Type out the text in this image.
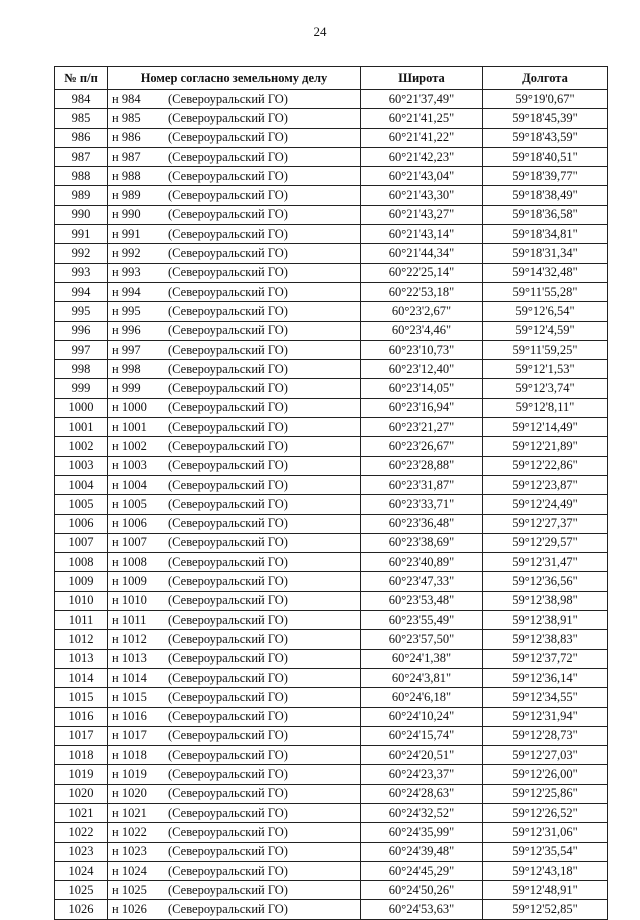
24
№ п/п	Номер согласно земельному делу	Широта	Долгота
984	н 984 (Североуральский ГО)	60°21'37,49"	59°19'0,67"
985	н 985 (Североуральский ГО)	60°21'41,25"	59°18'45,39"
986	н 986 (Североуральский ГО)	60°21'41,22"	59°18'43,59"
987	н 987 (Североуральский ГО)	60°21'42,23"	59°18'40,51"
988	н 988 (Североуральский ГО)	60°21'43,04"	59°18'39,77"
989	н 989 (Североуральский ГО)	60°21'43,30"	59°18'38,49"
990	н 990 (Североуральский ГО)	60°21'43,27"	59°18'36,58"
991	н 991 (Североуральский ГО)	60°21'43,14"	59°18'34,81"
992	н 992 (Североуральский ГО)	60°21'44,34"	59°18'31,34"
993	н 993 (Североуральский ГО)	60°22'25,14"	59°14'32,48"
994	н 994 (Североуральский ГО)	60°22'53,18"	59°11'55,28"
995	н 995 (Североуральский ГО)	60°23'2,67"	59°12'6,54"
996	н 996 (Североуральский ГО)	60°23'4,46"	59°12'4,59"
997	н 997 (Североуральский ГО)	60°23'10,73"	59°11'59,25"
998	н 998 (Североуральский ГО)	60°23'12,40"	59°12'1,53"
999	н 999 (Североуральский ГО)	60°23'14,05"	59°12'3,74"
1000	н 1000 (Североуральский ГО)	60°23'16,94"	59°12'8,11"
1001	н 1001 (Североуральский ГО)	60°23'21,27"	59°12'14,49"
1002	н 1002 (Североуральский ГО)	60°23'26,67"	59°12'21,89"
1003	н 1003 (Североуральский ГО)	60°23'28,88"	59°12'22,86"
1004	н 1004 (Североуральский ГО)	60°23'31,87"	59°12'23,87"
1005	н 1005 (Североуральский ГО)	60°23'33,71"	59°12'24,49"
1006	н 1006 (Североуральский ГО)	60°23'36,48"	59°12'27,37"
1007	н 1007 (Североуральский ГО)	60°23'38,69"	59°12'29,57"
1008	н 1008 (Североуральский ГО)	60°23'40,89"	59°12'31,47"
1009	н 1009 (Североуральский ГО)	60°23'47,33"	59°12'36,56"
1010	н 1010 (Североуральский ГО)	60°23'53,48"	59°12'38,98"
1011	н 1011 (Североуральский ГО)	60°23'55,49"	59°12'38,91"
1012	н 1012 (Североуральский ГО)	60°23'57,50"	59°12'38,83"
1013	н 1013 (Североуральский ГО)	60°24'1,38"	59°12'37,72"
1014	н 1014 (Североуральский ГО)	60°24'3,81"	59°12'36,14"
1015	н 1015 (Североуральский ГО)	60°24'6,18"	59°12'34,55"
1016	н 1016 (Североуральский ГО)	60°24'10,24"	59°12'31,94"
1017	н 1017 (Североуральский ГО)	60°24'15,74"	59°12'28,73"
1018	н 1018 (Североуральский ГО)	60°24'20,51"	59°12'27,03"
1019	н 1019 (Североуральский ГО)	60°24'23,37"	59°12'26,00"
1020	н 1020 (Североуральский ГО)	60°24'28,63"	59°12'25,86"
1021	н 1021 (Североуральский ГО)	60°24'32,52"	59°12'26,52"
1022	н 1022 (Североуральский ГО)	60°24'35,99"	59°12'31,06"
1023	н 1023 (Североуральский ГО)	60°24'39,48"	59°12'35,54"
1024	н 1024 (Североуральский ГО)	60°24'45,29"	59°12'43,18"
1025	н 1025 (Североуральский ГО)	60°24'50,26"	59°12'48,91"
1026	н 1026 (Североуральский ГО)	60°24'53,63"	59°12'52,85"
